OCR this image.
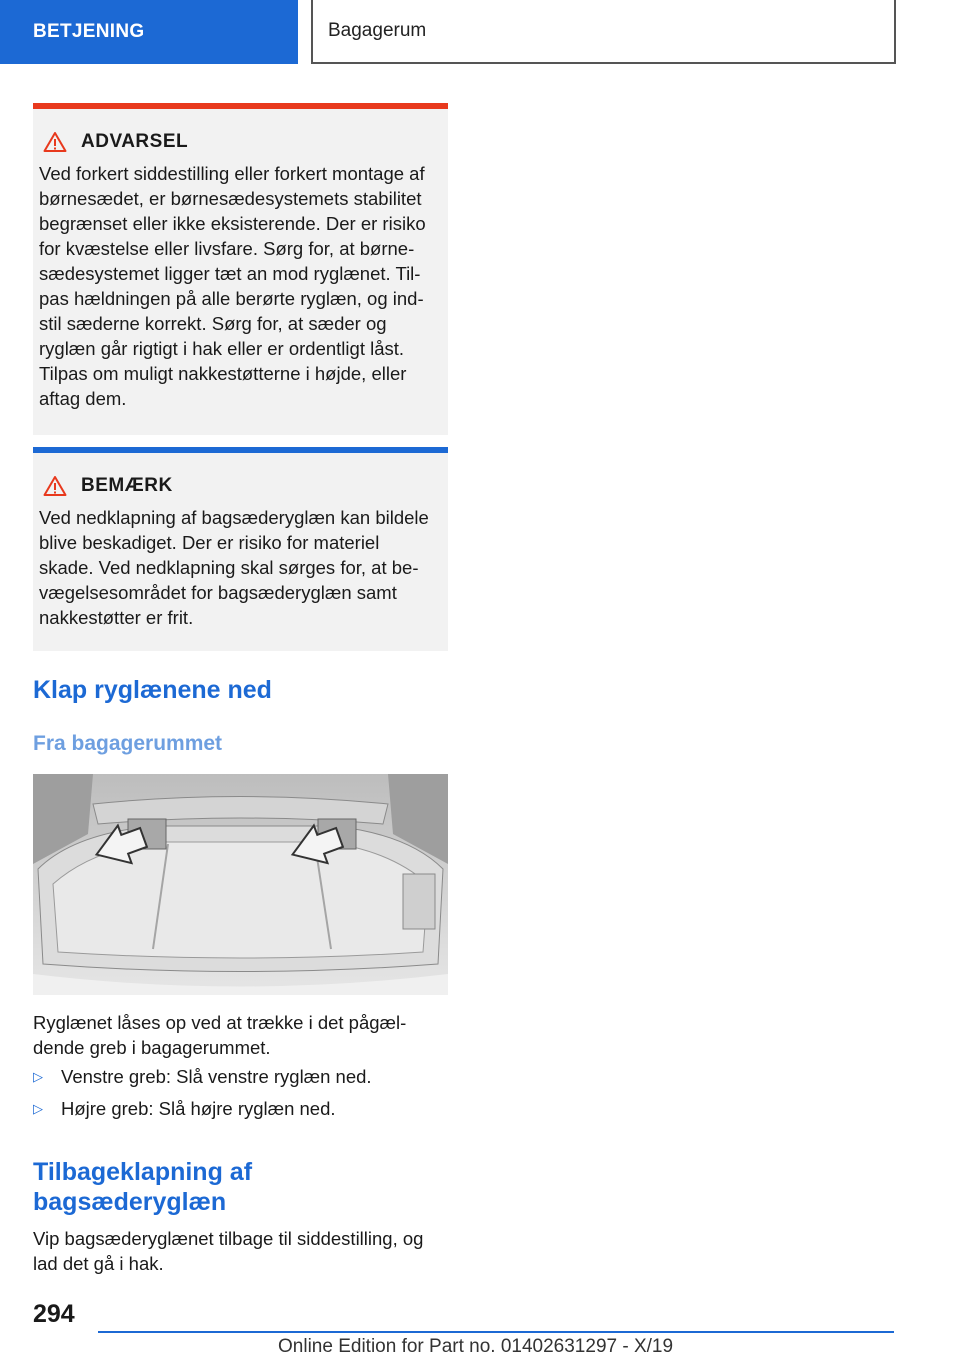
BETJENING	Bagagerum
ADVARSEL
Ved forkert siddestilling eller forkert montage af
børnesædet, er børnesædesystemets stabilitet
begrænset eller ikke eksisterende. Der er risiko
for kvæstelse eller livsfare. Sørg for, at børne‐
sædesystemet ligger tæt an mod ryglænet. Til‐
pas hældningen på alle berørte ryglæn, og ind‐
stil sæderne korrekt. Sørg for, at sæder og
ryglæn går rigtigt i hak eller er ordentligt låst.
Tilpas om muligt nakkestøtterne i højde, eller
aftag dem.
BEMÆRK
Ved nedklapning af bagsæderyglæn kan bildele
blive beskadiget. Der er risiko for materiel
skade. Ved nedklapning skal sørges for, at be‐
vægelsesområdet for bagsæderyglæn samt
nakkestøtter er frit.
Klap ryglænene ned
Fra bagagerummet
Ryglænet låses op ved at trække i det pågæl‐
dende greb i bagagerummet.
▷ Venstre greb: Slå venstre ryglæn ned.
▷ Højre greb: Slå højre ryglæn ned.
Tilbageklapning af
bagsæderyglæn
Vip bagsæderyglænet tilbage til siddestilling, og
lad det gå i hak.
294
Online Edition for Part no. 01402631297 - X/19
